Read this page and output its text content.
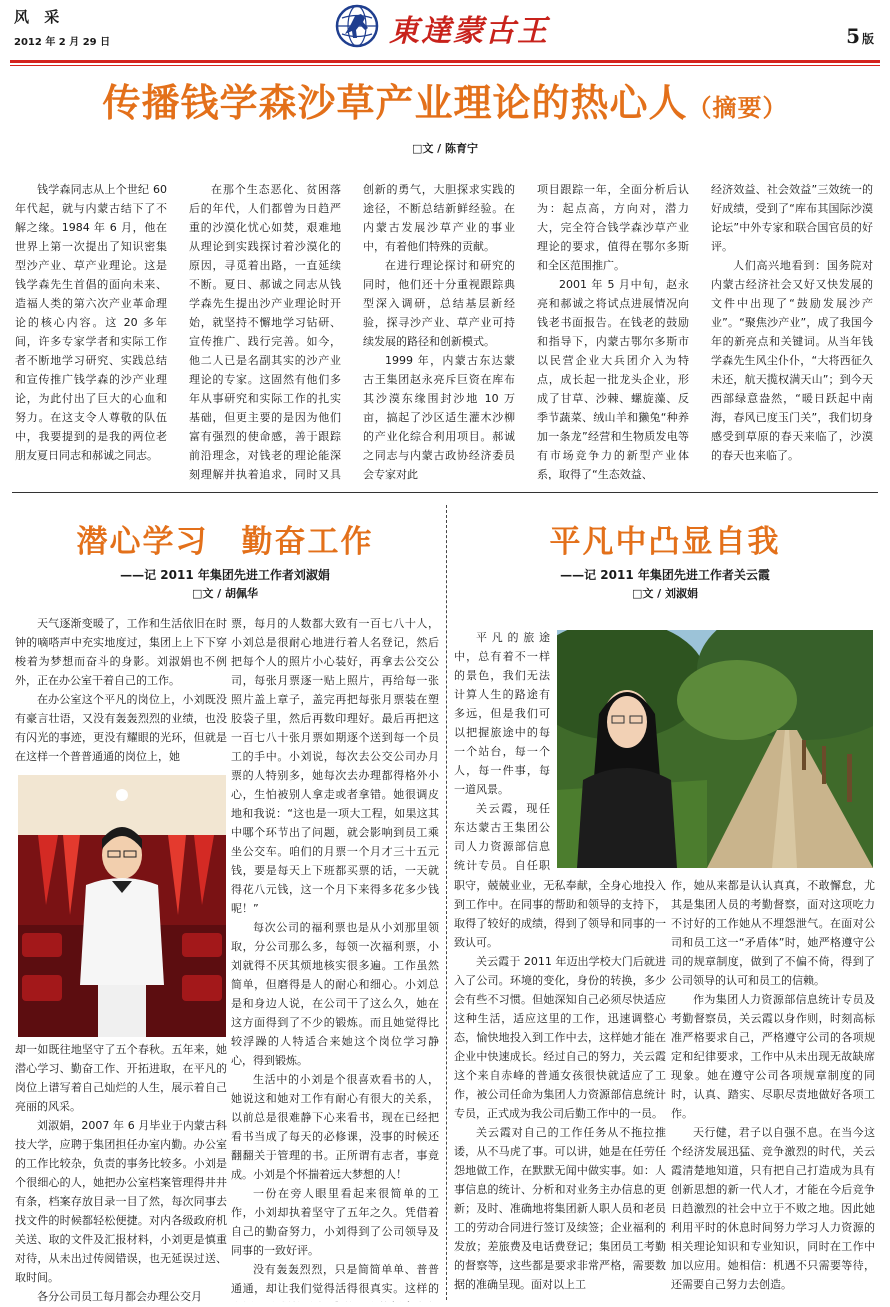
风 采
2012 年 2 月 29 日	東達蒙古王	5 版
传播钱学森沙草产业理论的热心人（摘要）
□文 / 陈育宁

钱学森同志从上个世纪 60 年代起，就与内蒙古结下了不解之缘。1984 年 6 月，他在世界上第一次提出了知识密集型沙产业、草产业理论。这是钱学森先生首倡的面向未来、造福人类的第六次产业革命理论的核心内容。这 20 多年间，许多专家学者和实际工作者不断地学习研究、实践总结和宣传推广钱学森的沙产业理论，为此付出了巨大的心血和努力。在这支令人尊敬的队伍中，我要提到的是我的两位老朋友夏日同志和郝诚之同志。

在那个生态恶化、贫困落后的年代，人们都曾为日趋严重的沙漠化忧心如焚，艰难地从理论到实践探讨着沙漠化的原因，寻觅着出路，一直延续不断。夏日、郝诚之同志从钱学森先生提出沙产业理论时开始，就坚持不懈地学习钻研、宣传推广、践行完善。如今，他二人已是名副其实的沙产业理论的专家。这固然有他们多年从事研究和实际工作的扎实基础，但更主要的是因为他们富有强烈的使命感，善于跟踪前沿理念，对钱老的理论能深刻理解并执着追求，同时又具

创新的勇气，大胆探求实践的途径，不断总结新鲜经验。在内蒙古发展沙草产业的事业中，有着他们特殊的贡献。

在进行理论探讨和研究的同时，他们还十分重视跟踪典型深入调研，总结基层新经验，探寻沙产业、草产业可持续发展的路径和创新模式。

1999 年，内蒙古东达蒙古王集团赵永亮斥巨资在库布其沙漠东缘围封沙地 10 万亩，搞起了沙区适生灌木沙柳的产业化综合利用项目。郝诚之同志与内蒙古政协经济委员会专家对此

项目跟踪一年，全面分析后认为：起点高，方向对，潜力大，完全符合钱学森沙草产业理论的要求，值得在鄂尔多斯和全区范围推广。

2001 年 5 月中旬，赵永亮和郝诚之将试点进展情况向钱老书面报告。在钱老的鼓励和指导下，内蒙古鄂尔多斯市以民营企业大兵团介入为特点，成长起一批龙头企业，形成了甘草、沙棘、螺旋藻、反季节蔬菜、绒山羊和獭兔“种养加一条龙”经营和生物质发电等有市场竞争力的新型产业体系，取得了“生态效益、

经济效益、社会效益”三效统一的好成绩，受到了“库布其国际沙漠论坛”中外专家和联合国官员的好评。

人们高兴地看到：国务院对内蒙古经济社会又好又快发展的文件中出现了“鼓励发展沙产业”。“聚焦沙产业”，成了我国今年的新亮点和关键词。从当年钱学森先生风尘仆仆，“大将西征久未还，航天揽权满天山”；到今天西部绿意盎然，“暖日跃起中南海，春风已度玉门关”，我们切身感受到草原的春天来临了，沙漠的春天也来临了。

潜心学习　勤奋工作
——记 2011 年集团先进工作者刘淑娟
□文 / 胡佩华

天气逐渐变暖了，工作和生活依旧在时钟的嘀嗒声中充实地度过，集团上上下下穿梭着为梦想而奋斗的身影。刘淑娟也不例外，正在办公室干着自己的工作。

在办公室这个平凡的岗位上，小刘既没有豪言壮语，又没有轰轰烈烈的业绩，也没有闪光的事迹，更没有耀眼的光环，但就是在这样一个普普通通的岗位上，她

却一如既往地坚守了五个春秋。五年来，她潜心学习、勤奋工作、开拓进取，在平凡的岗位上谱写着自己灿烂的人生，展示着自己亮丽的风采。

刘淑娟，2007 年 6 月毕业于内蒙古科技大学，应聘于集团担任办室内勤。办公室的工作比较杂，负责的事务比较多。小刘是个很细心的人，她把办公室档案管理得井井有条，档案存放目录一目了然，每次同事去找文件的时候都轻松便捷。对内各级政府机关送、取的文件及汇报材料，小刘更是慎重对待，从未出过传阅错误，也无延误过送、取时间。

各分公司员工每月都会办理公交月

票，每月的人数都大致有一百七八十人，小刘总是很耐心地进行着人名登记，然后把每个人的照片小心装好，再拿去公交公司，每张月票逐一贴上照片，再给每一张照片盖上章子，盖完再把每张月票装在塑胶袋子里，然后再数印理好。最后再把这一百七八十张月票如期逐个送到每一个员工的手中。小刘说，每次去公交公司办月票的人特别多，她每次去办理都得格外小心，生怕被别人拿走或者拿错。她很调皮地和我说：“这也是一项大工程，如果这其中哪个环节出了问题，就会影响到员工乘坐公交车。咱们的月票一个月才三十五元钱，要是每天上下班都买票的话，一天就得花八元钱，这一个月下来得多花多少钱呢！”

每次公司的福利票也是从小刘那里领取，分公司那么多，每领一次福利票，小刘就得不厌其烦地核实很多遍。工作虽然简单，但磨得是人的耐心和细心。小刘总是和身边人说，在公司干了这么久，她在这方面得到了不少的锻炼。而且她觉得比较浮躁的人特适合来她这个岗位学习静心，得到锻炼。

生活中的小刘是个很喜欢看书的人，她说这和她对工作有耐心有很大的关系，以前总是很难静下心来看书，现在已经把看书当成了每天的必修课，没事的时候还翻翻关于管理的书。正所谓有志者，事竟成。小刘是个怀揣着远大梦想的人！

一份在旁人眼里看起来很简单的工作，小刘却执着坚守了五年之久。凭借着自己的勤奋努力，小刘得到了公司领导及同事的一致好评。

没有轰轰烈烈，只是简简单单、普普通通，却让我们觉得活得很真实。这样的

平凡中凸显自我
——记 2011 年集团先进工作者关云霞
□文 / 刘淑娟

平凡的旅途中，总有着不一样的景色，我们无法计算人生的路途有多远，但是我们可以把握旅途中的每一个站台，每一个人，每一件事，每一道风景。

关云霞，现任东达蒙古王集团公司人力资源部信息统计专员。自任职

职守，兢兢业业，无私奉献，全身心地投入到工作中。在同事的帮助和领导的支持下，取得了较好的成绩，得到了领导和同事的一致认可。

关云霞于 2011 年迈出学校大门后就进入了公司。环境的变化，身份的转换，多少会有些不习惯。但她深知自己必须尽快适应这种生活，适应这里的工作，迅速调整心态，愉快地投入到工作中去，这样她才能在企业中快速成长。经过自己的努力，关云霞这个来自赤峰的普通女孩很快就适应了工作，被公司任命为集团人力资源部信息统计专员，正式成为我公司后勤工作中的一员。

关云霞对自己的工作任务从不拖拉推诿，从不马虎了事。可以讲，她是在任劳任怨地做工作，在默默无闻中做实事。如：人事信息的统计、分析和对业务主办信息的更新；及时、准确地将集团新人职人员和老员工的劳动合同进行签订及续签；企业福利的发放；差旅费及电话费登记；集团员工考勤的督察等，这些都是要求非常严格，需要数据的准确呈现。面对以上工

作，她从来都是认认真真，不敢懈怠，尤其是集团人员的考勤督察，面对这项吃力不讨好的工作她从不埋怨泄气。在面对公司和员工这一“矛盾体”时，她严格遵守公司的规章制度，做到了不偏不倚，得到了公司领导的认可和员工的信赖。

作为集团人力资源部信息统计专员及考勤督察员，关云霞以身作则，时刻高标准严格要求自己，严格遵守公司的各项规定和纪律要求，工作中从未出现无故缺席现象。她在遵守公司各项规章制度的同时，认真、踏实、尽职尽责地做好各项工作。

天行健，君子以自强不息。在当今这个经济发展迅猛、竞争激烈的时代，关云霞清楚地知道，只有把自己打造成为具有创新思想的新一代人才，才能在今后竞争日趋激烈的社会中立于不败之地。因此她利用平时的休息时间努力学习人力资源的相关理论知识和专业知识，同时在工作中加以应用。她相信：机遇不只需要等待，还需要自己努力去创造。
